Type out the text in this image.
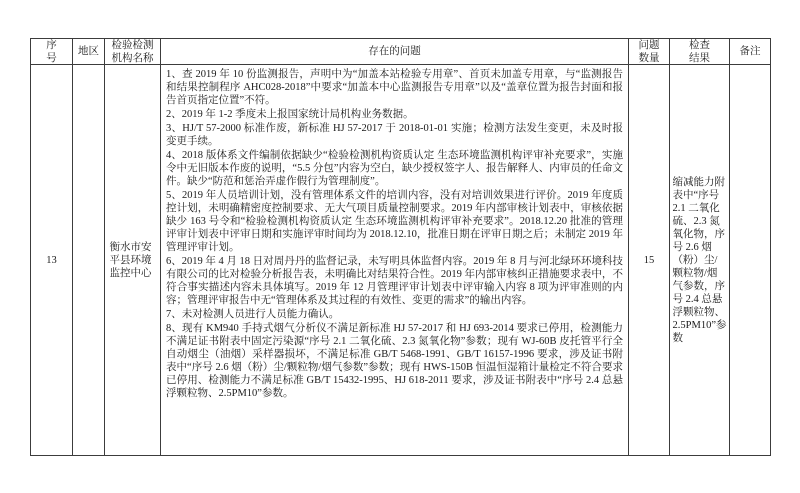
序号
地区
检验检测机构名称
存在的问题
问题数量
检查结果
备注
13
衡水市安平县环境监控中心

1、查 2019 年 10 份监测报告，声明中为“加盖本站检验专用章”、首页未加盖专用章，与“监测报告和结果控制程序 AHC028-2018”中要求“加盖本中心监测报告专用章”以及“盖章位置为报告封面和报告首页指定位置”不符。

2、2019 年 1-2 季度未上报国家统计局机构业务数据。

3、HJ/T 57-2000 标准作废，新标准 HJ 57-2017 于 2018-01-01 实施；检测方法发生变更，未及时报变更手续。

4、2018 版体系文件编制依据缺少“检验检测机构资质认定 生态环境监测机构评审补充要求”，实施令中无旧版本作废的说明，“5.5 分包”内容为空白，缺少授权签字人、报告解释人、内审员的任命文件。缺少“防范和惩治弄虚作假行为管理制度”。

5、2019 年人员培训计划，没有管理体系文件的培训内容，没有对培训效果进行评价。2019 年度质控计划，未明确精密度控制要求、无大气项目质量控制要求。2019 年内部审核计划表中，审核依据缺少 163 号令和“检验检测机构资质认定 生态环境监测机构评审补充要求”。2018.12.20 批准的管理评审计划表中评审日期和实施评审时间均为 2018.12.10，批准日期在评审日期之后；未制定 2019 年管理评审计划。

6、2019 年 4 月 18 日对周丹丹的监督记录，未写明具体监督内容。2019 年 8 月与河北绿环环境科技有限公司的比对检验分析报告表，未明确比对结果符合性。2019 年内部审核纠正措施要求表中，不符合事实描述内容未具体填写。2019 年 12 月管理评审计划表中评审输入内容 8 项为评审准则的内容；管理评审报告中无“管理体系及其过程的有效性、变更的需求”的输出内容。

7、未对检测人员进行人员能力确认。

8、现有 KM940 手持式烟气分析仪不满足新标准 HJ 57-2017 和 HJ 693-2014 要求已停用，检测能力不满足证书附表中固定污染源“序号 2.1 二氧化硫、2.3 氮氧化物”参数；现有 WJ-60B 皮托管平行全自动烟尘（油烟）采样器损坏，不满足标准 GB/T 5468-1991、GB/T 16157-1996 要求，涉及证书附表中“序号 2.6 烟（粉）尘/颗粒物/烟气参数”参数；现有 HWS-150B 恒温恒湿箱计量检定不符合要求已停用、检测能力不满足标准 GB/T 15432-1995、HJ 618-2011 要求，涉及证书附表中“序号 2.4 总悬浮颗粒物、2.5PM10”参数。

15
缩减能力附表中“序号 2.1 二氧化硫、2.3 氮氧化物，序号 2.6 烟（粉）尘/颗粒物/烟气参数，序号 2.4 总悬浮颗粒物、2.5PM10”参数
